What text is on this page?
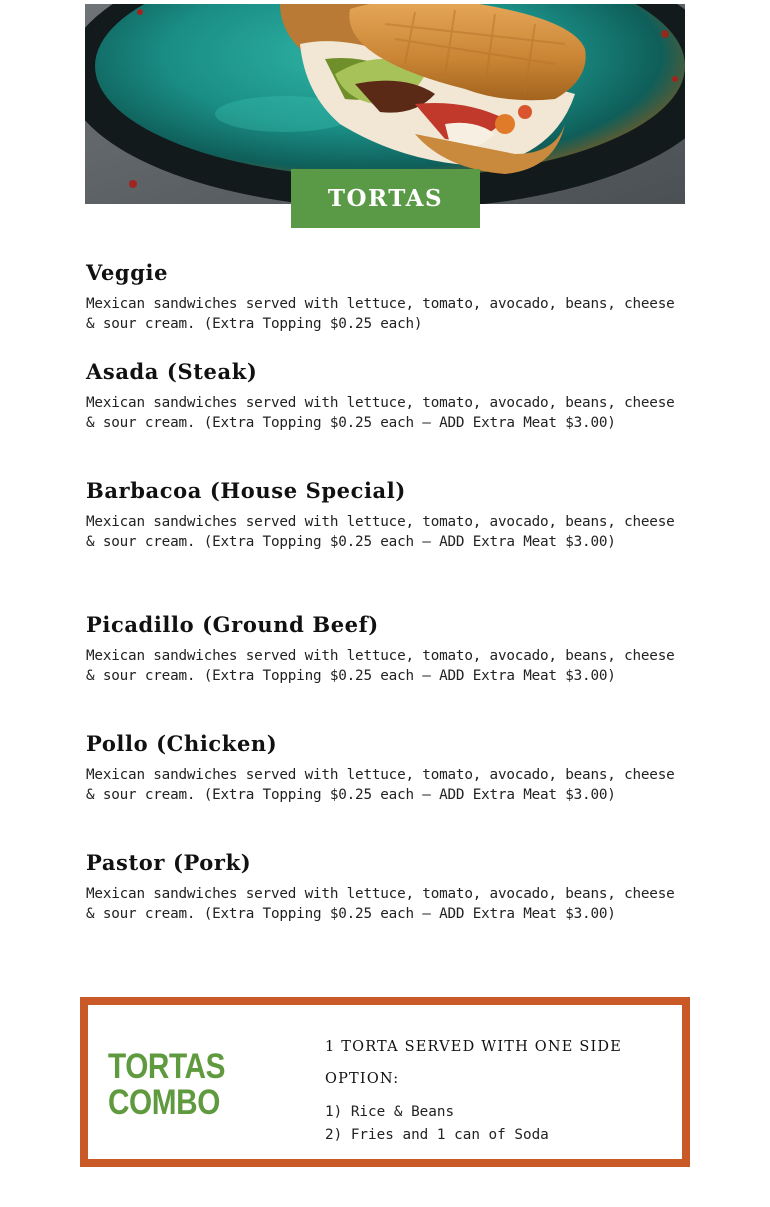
TORTAS
Veggie

Mexican sandwiches served with lettuce, tomato, avocado, beans, cheese & sour cream. (Extra Topping $0.25 each)

Asada (Steak)

Mexican sandwiches served with lettuce, tomato, avocado, beans, cheese & sour cream. (Extra Topping $0.25 each – ADD Extra Meat $3.00)

Barbacoa (House Special)

Mexican sandwiches served with lettuce, tomato, avocado, beans, cheese & sour cream. (Extra Topping $0.25 each – ADD Extra Meat $3.00)

Picadillo (Ground Beef)

Mexican sandwiches served with lettuce, tomato, avocado, beans, cheese & sour cream. (Extra Topping $0.25 each – ADD Extra Meat $3.00)

Pollo (Chicken)

Mexican sandwiches served with lettuce, tomato, avocado, beans, cheese & sour cream. (Extra Topping $0.25 each – ADD Extra Meat $3.00)

Pastor (Pork)

Mexican sandwiches served with lettuce, tomato, avocado, beans, cheese & sour cream. (Extra Topping $0.25 each – ADD Extra Meat $3.00)

TORTAS
COMBO
1 TORTA SERVED WITH ONE SIDE OPTION:
1) Rice & Beans
2) Fries and 1 can of Soda
